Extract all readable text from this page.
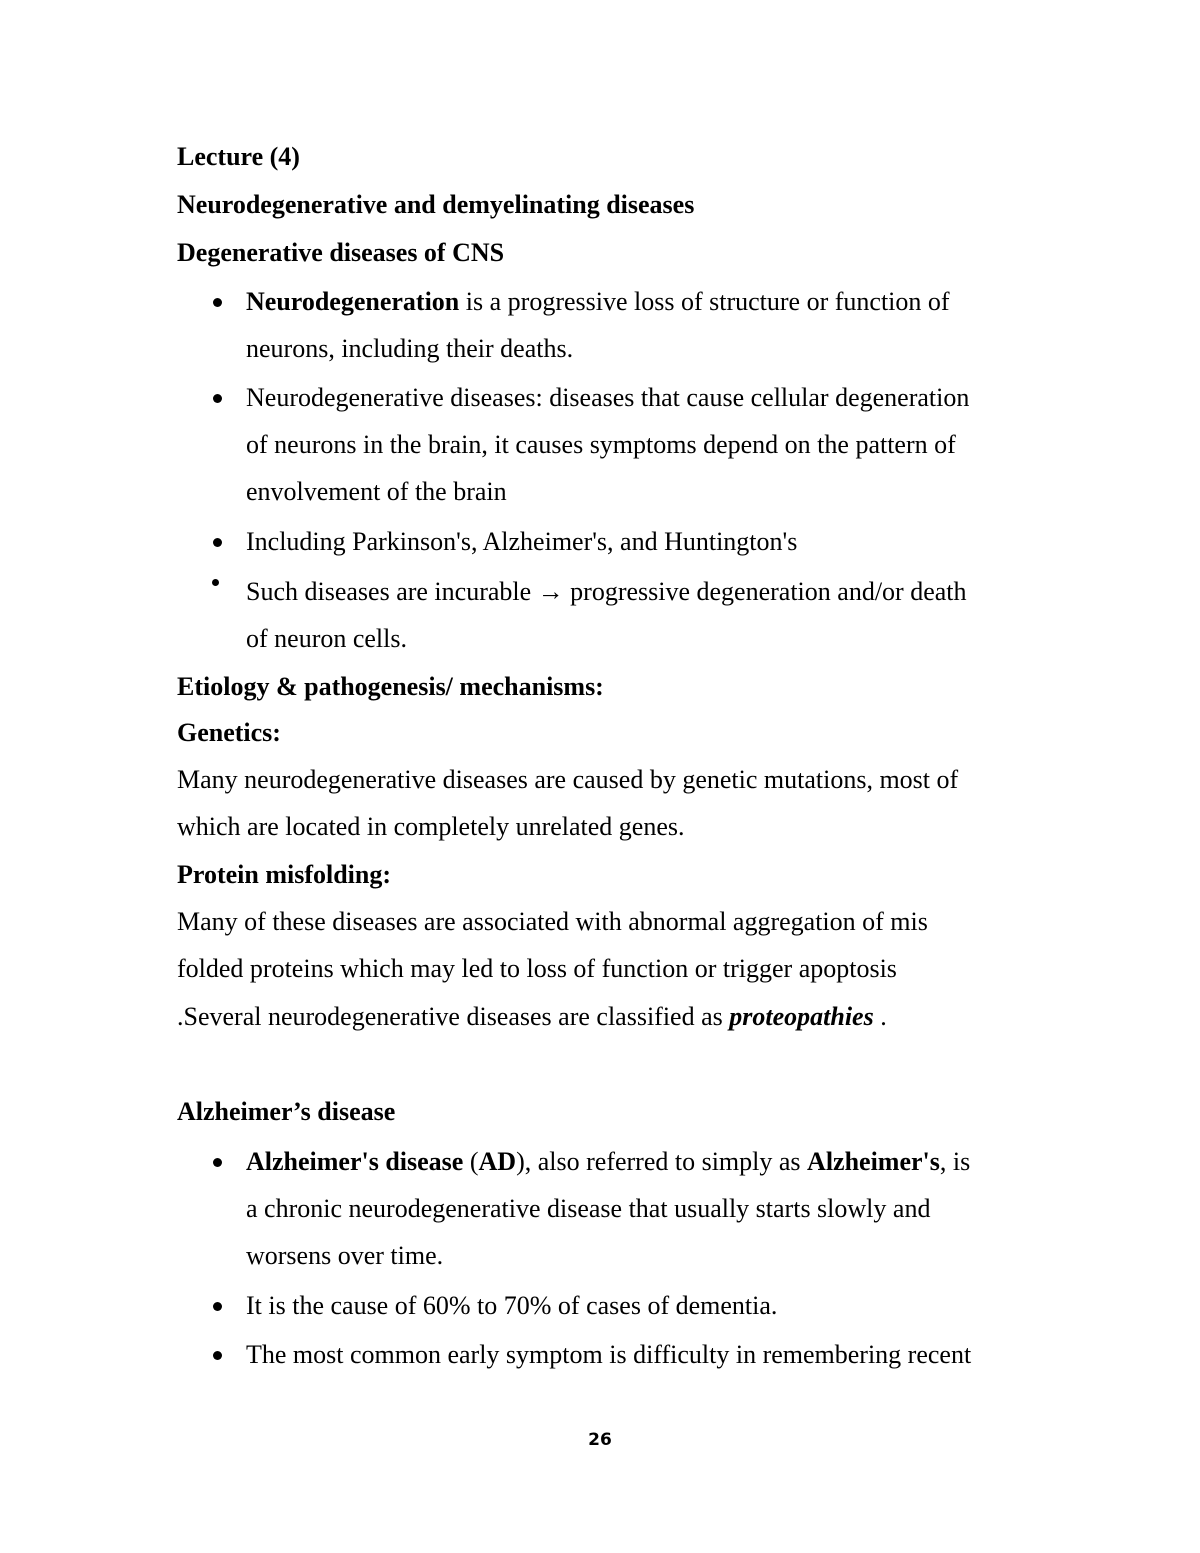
Lecture (4)
Neurodegenerative and demyelinating diseases
Degenerative diseases of CNS
Neurodegeneration is a progressive loss of structure or function of
neurons, including their deaths.
Neurodegenerative diseases: diseases that cause cellular degeneration
of neurons in the brain, it causes symptoms depend on the pattern of
envolvement of the brain
Including Parkinson's, Alzheimer's, and Huntington's
Such diseases are incurable → progressive degeneration and/or death
of neuron cells.
Etiology & pathogenesis/ mechanisms:
Genetics:
Many neurodegenerative diseases are caused by genetic mutations, most of
which are located in completely unrelated genes.
Protein misfolding:
Many of these diseases are associated with abnormal aggregation of mis
folded proteins which may led to loss of function or trigger apoptosis
.Several neurodegenerative diseases are classified as proteopathies .
Alzheimer’s disease
Alzheimer's disease (AD), also referred to simply as Alzheimer's, is
a chronic neurodegenerative disease that usually starts slowly and
worsens over time.
It is the cause of 60% to 70% of cases of dementia.
The most common early symptom is difficulty in remembering recent
26
